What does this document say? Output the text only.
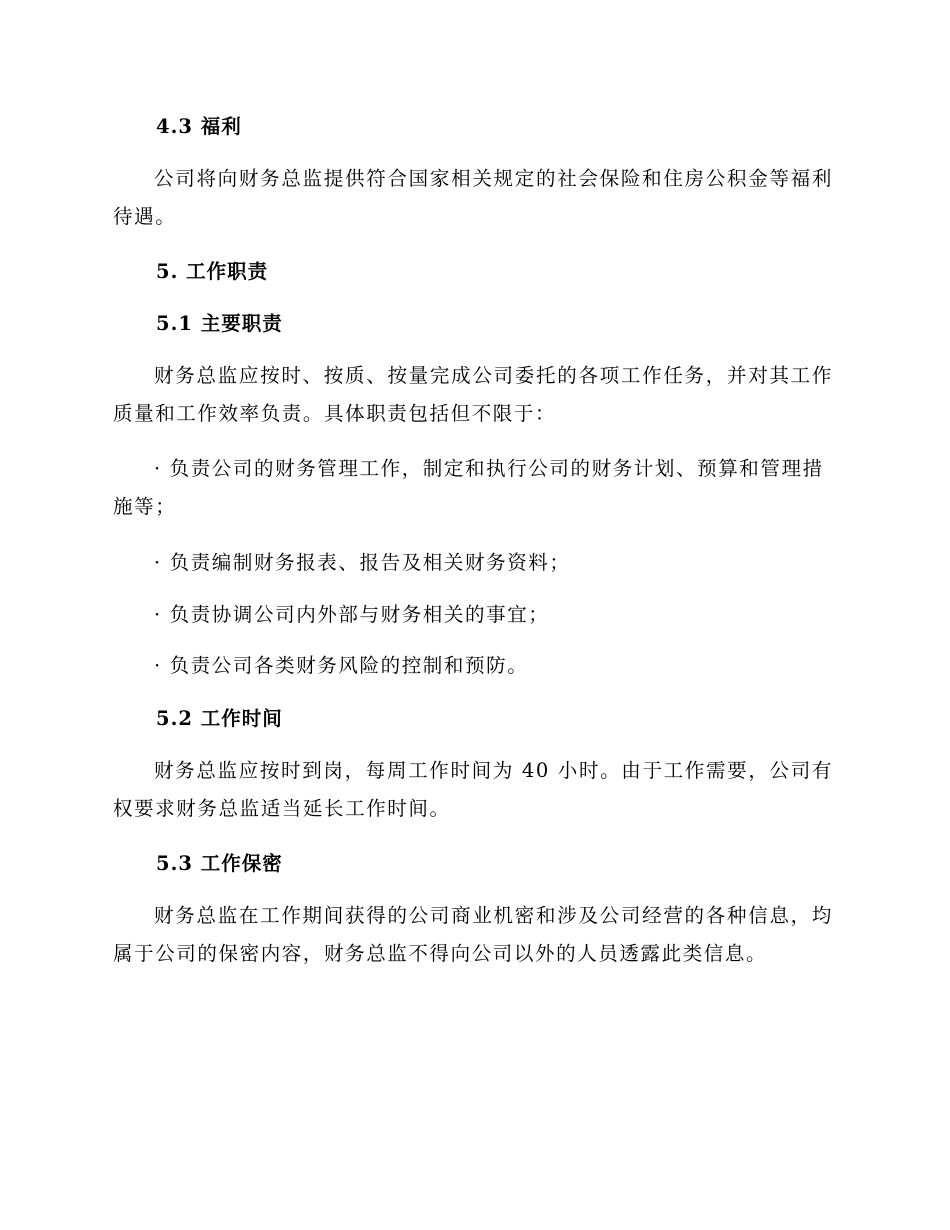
4.3 福利

公司将向财务总监提供符合国家相关规定的社会保险和住房公积金等福利待遇。

5. 工作职责
5.1 主要职责

财务总监应按时、按质、按量完成公司委托的各项工作任务，并对其工作质量和工作效率负责。具体职责包括但不限于：

· 负责公司的财务管理工作，制定和执行公司的财务计划、预算和管理措施等；

· 负责编制财务报表、报告及相关财务资料；

· 负责协调公司内外部与财务相关的事宜；

· 负责公司各类财务风险的控制和预防。

5.2 工作时间

财务总监应按时到岗，每周工作时间为 40 小时。由于工作需要，公司有权要求财务总监适当延长工作时间。

5.3 工作保密

财务总监在工作期间获得的公司商业机密和涉及公司经营的各种信息，均属于公司的保密内容，财务总监不得向公司以外的人员透露此类信息。
